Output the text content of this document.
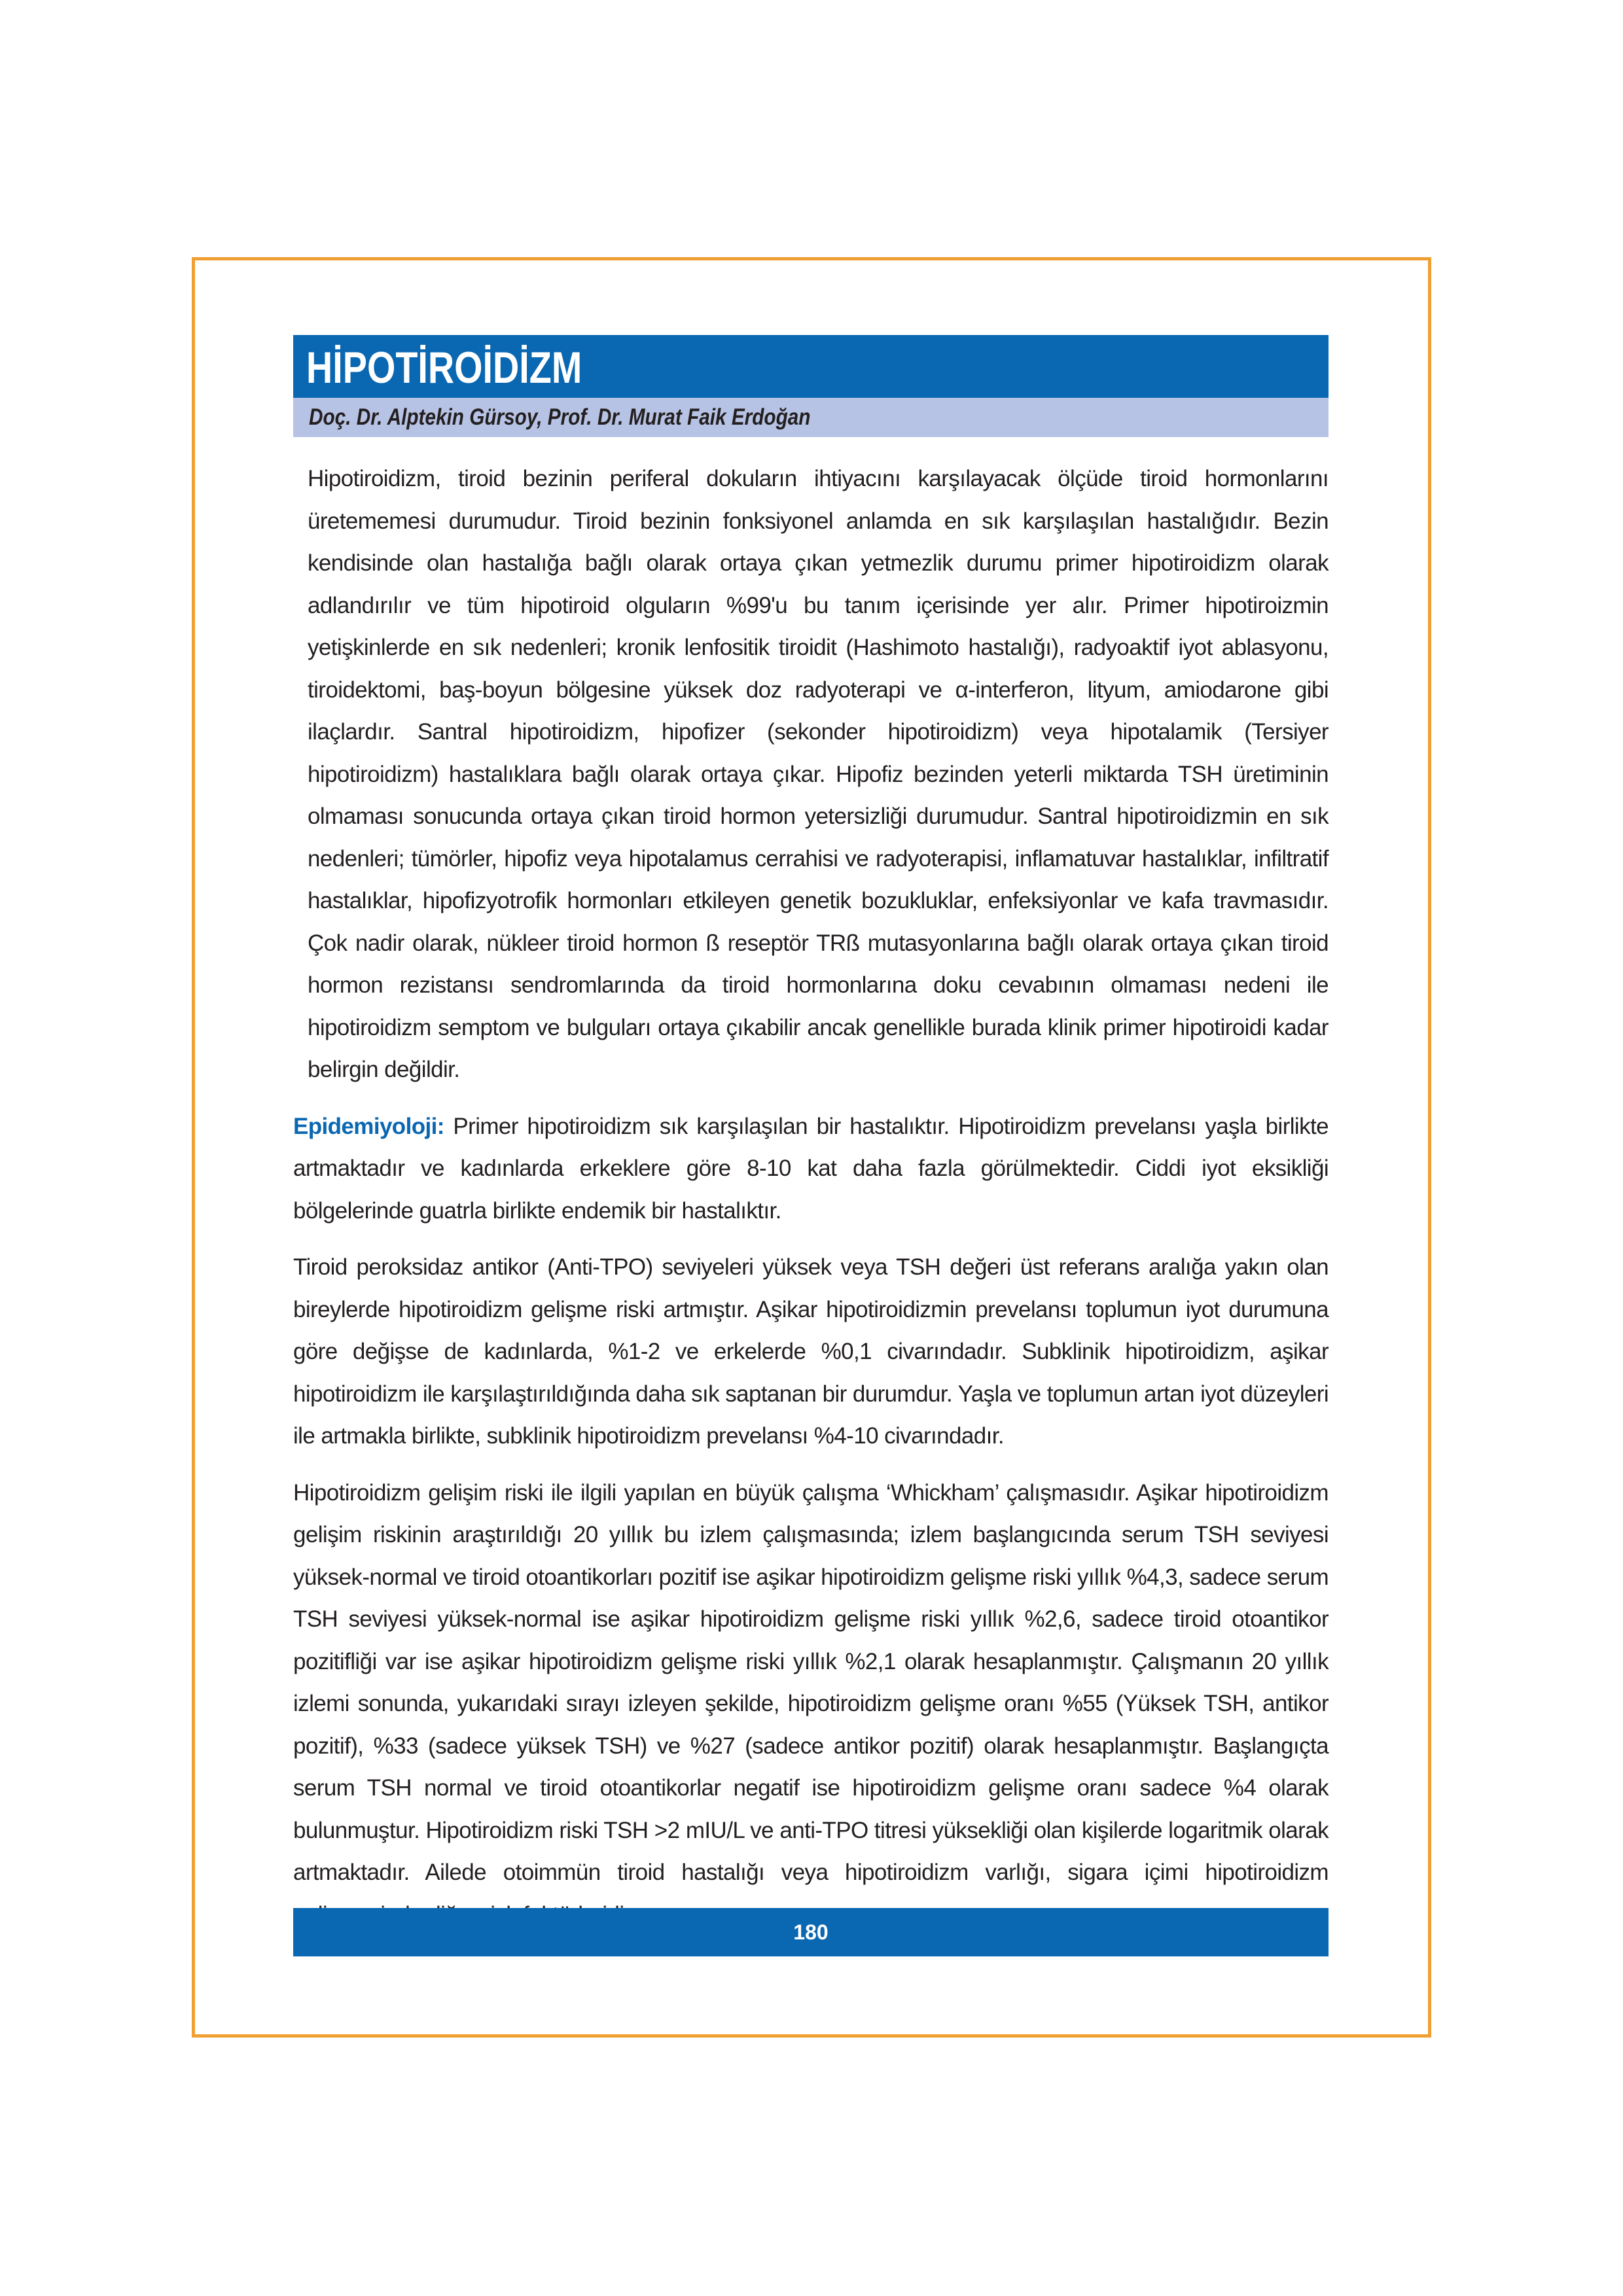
HİPOTİROİDİZM
Doç. Dr. Alptekin Gürsoy, Prof. Dr. Murat Faik Erdoğan

Hipotiroidizm, tiroid bezinin periferal dokuların ihtiyacını karşılayacak ölçüde tiroid hormonlarını üretememesi durumudur. Tiroid bezinin fonksiyonel anlamda en sık karşılaşılan hastalığıdır. Bezin kendisinde olan hastalığa bağlı olarak ortaya çıkan yetmezlik durumu primer hipotiroidizm olarak adlandırılır ve tüm hipotiroid olguların %99'u bu tanım içerisinde yer alır. Primer hipotiroizmin yetişkinlerde en sık nedenleri; kronik lenfositik tiroidit (Hashimoto hastalığı), radyoaktif iyot ablasyonu, tiroidektomi, baş-boyun bölgesine yüksek doz radyoterapi ve α-interferon, lityum, amiodarone gibi ilaçlardır. Santral hipotiroidizm, hipofizer (sekonder hipotiroidizm) veya hipotalamik (Tersiyer hipotiroidizm) hastalıklara bağlı olarak ortaya çıkar. Hipofiz bezinden yeterli miktarda TSH üretiminin olmaması sonucunda ortaya çıkan tiroid hormon yetersizliği durumudur. Santral hipotiroidizmin en sık nedenleri; tümörler, hipofiz veya hipotalamus cerrahisi ve radyoterapisi, inflamatuvar hastalıklar, infiltratif hastalıklar, hipofizyotrofik hormonları etkileyen genetik bozukluklar, enfeksiyonlar ve kafa travmasıdır. Çok nadir olarak, nükleer tiroid hormon ß reseptör TRß mutasyonlarına bağlı olarak ortaya çıkan tiroid hormon rezistansı sendromlarında da tiroid hormonlarına doku cevabının olmaması nedeni ile hipotiroidizm semptom ve bulguları ortaya çıkabilir ancak genellikle burada klinik primer hipotiroidi kadar belirgin değildir.

Epidemiyoloji: Primer hipotiroidizm sık karşılaşılan bir hastalıktır. Hipotiroidizm prevelansı yaşla birlikte artmaktadır ve kadınlarda erkeklere göre 8-10 kat daha fazla görülmektedir. Ciddi iyot eksikliği bölgelerinde guatrla birlikte endemik bir hastalıktır.

Tiroid peroksidaz antikor (Anti-TPO) seviyeleri yüksek veya TSH değeri üst referans aralığa yakın olan bireylerde hipotiroidizm gelişme riski artmıştır. Aşikar hipotiroidizmin prevelansı toplumun iyot durumuna göre değişse de kadınlarda, %1-2 ve erkelerde %0,1 civarındadır. Subklinik hipotiroidizm, aşikar hipotiroidizm ile karşılaştırıldığında daha sık saptanan bir durumdur. Yaşla ve toplumun artan iyot düzeyleri ile artmakla birlikte, subklinik hipotiroidizm prevelansı %4-10 civarındadır.

Hipotiroidizm gelişim riski ile ilgili yapılan en büyük çalışma ‘Whickham’ çalışmasıdır. Aşikar hipotiroidizm gelişim riskinin araştırıldığı 20 yıllık bu izlem çalışmasında; izlem başlangıcında serum TSH seviyesi yüksek-normal ve tiroid otoantikorları pozitif ise aşikar hipotiroidizm gelişme riski yıllık %4,3, sadece serum TSH seviyesi yüksek-normal ise aşikar hipotiroidizm gelişme riski yıllık %2,6, sadece tiroid otoantikor pozitifliği var ise aşikar hipotiroidizm gelişme riski yıllık %2,1 olarak hesaplanmıştır. Çalışmanın 20 yıllık izlemi sonunda, yukarıdaki sırayı izleyen şekilde, hipotiroidizm gelişme oranı %55 (Yüksek TSH, antikor pozitif), %33 (sadece yüksek TSH) ve %27 (sadece antikor pozitif) olarak hesaplanmıştır. Başlangıçta serum TSH normal ve tiroid otoantikorlar negatif ise hipotiroidizm gelişme oranı sadece %4 olarak bulunmuştur. Hipotiroidizm riski TSH >2 mIU/L ve anti-TPO titresi yüksekliği olan kişilerde logaritmik olarak artmaktadır. Ailede otoimmün tiroid hastalığı veya hipotiroidizm varlığı, sigara içimi hipotiroidizm

180
